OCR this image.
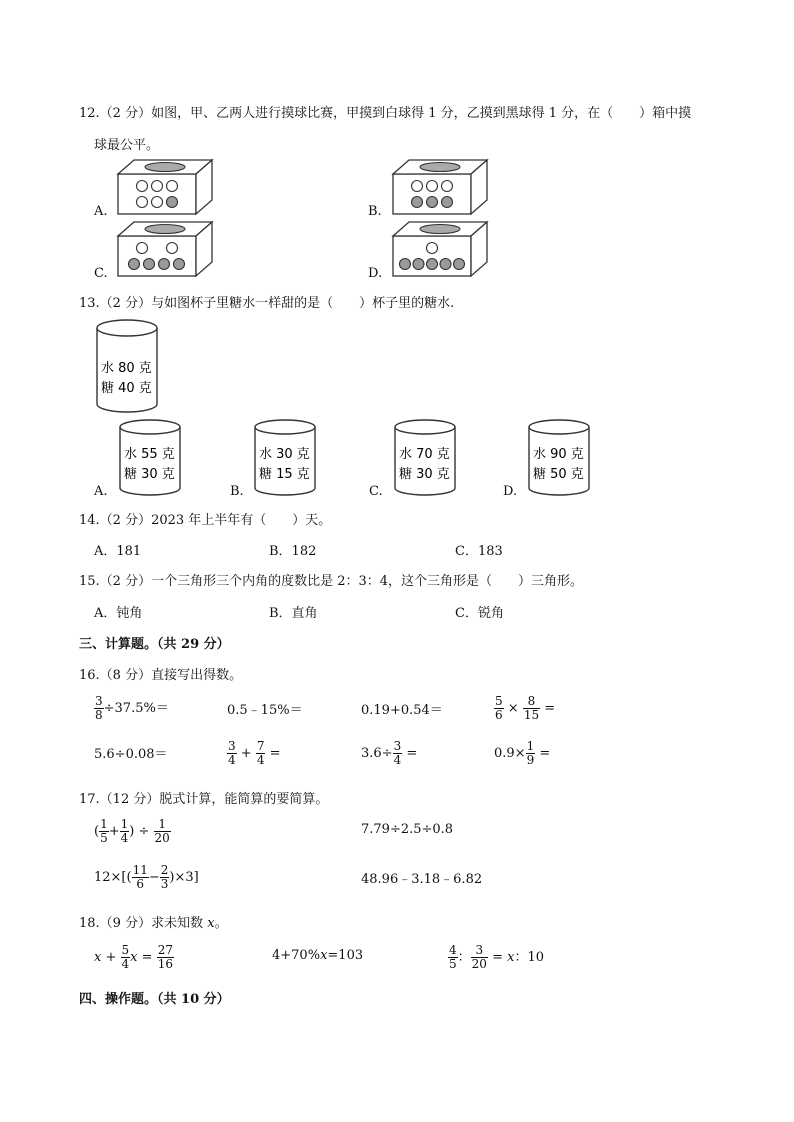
12.（2 分）如图，甲、乙两人进行摸球比赛，甲摸到白球得 1 分，乙摸到黑球得 1 分，在（　　）箱中摸
球最公平。
A.	B.
C.	D.
13.（2 分）与如图杯子里糖水一样甜的是（　　）杯子里的糖水.
水 80 克
糖 40 克
A.
水 55 克
糖 30 克
B.
水 30 克
糖 15 克
C.
水 70 克
糖 30 克
D.
水 90 克
糖 50 克
14.（2 分）2023 年上半年有（　　）天。
A．181	B．182	C．183
15.（2 分）一个三角形三个内角的度数比是 2：3：4，这个三角形是（　　）三角形。
A．钝角	B．直角	C．锐角
三、计算题。（共 29 分）
16.（8 分）直接写出得数。
$\frac{3}{8} \div 37.5\%=$	0.5﹣15%＝	0.19+0.54＝	$\frac{5}{6} \times \frac{8}{15}$ =
5.6÷0.08＝	$\frac{3}{4} + \frac{7}{4}$ =	$3.6\div \frac{3}{4}$ =	$0.9\times \frac{1}{9}$ =
17.（12 分）脱式计算，能简算的要简算。
( $\frac{1}{5} + \frac{1}{4}$ ) ÷ $\frac{1}{20}$	7.79÷2.5÷0.8
$12\times[( \frac{11}{6} - \frac{2}{3} )\times 3]$	48.96﹣3.18﹣6.82
18.（9 分）求未知数 x。
$x + \frac{5}{4}$ $x = \frac{27}{16}$	4+70%x=103	$\frac{4}{5}$ ： $\frac{3}{20} = x$：10
四、操作题。（共 10 分）
